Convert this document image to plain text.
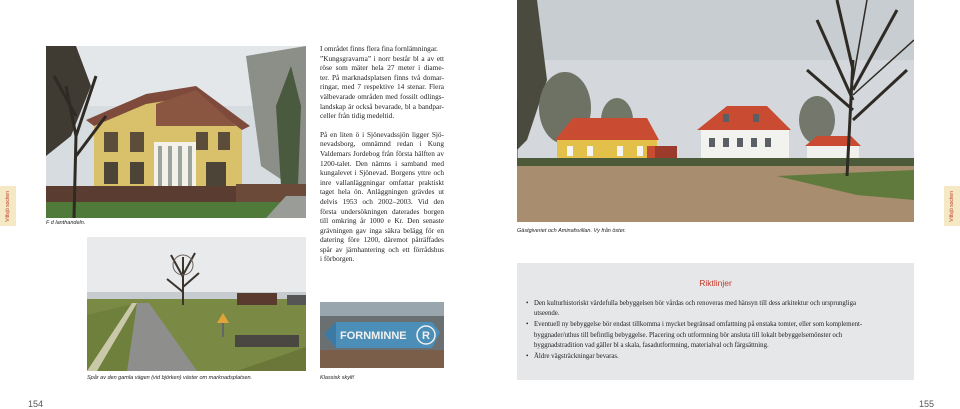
Vittsjö socken
F d lanthandeln.
Spår av den gamla vägen (vid björken) väster om marknadsplatsen.
I området finns flera fina fornlämningar.
”Kungsgravarna” i norr består bl a av ett
röse som mäter hela 27 meter i diame-
ter. På marknadsplatsen finns två domar-
ringar, med 7 respektive 14 stenar. Flera
välbevarade områden med fossilt odlings-
landskap är också bevarade, bl a bandpar-
celler från tidig medeltid.
På en liten ö i Sjönevadssjön ligger Sjö-
nevadsborg, omnämnd redan i Kung
Valdemars Jordebog från första hälften av
1200-talet. Den nämns i samband med
kungalevet i Sjönevad. Borgens yttre och
inre vallanläggningar omfattar praktiskt
taget hela ön. Anläggningen grävdes ut
delvis 1953 och 2002–2003. Vid den
första undersökningen daterades borgen
till omkring år 1000 e Kr. Den senaste
grävningen gav inga säkra belägg för en
datering före 1200, däremot påträffades
spår av järnhantering och ett förrådshus
i förborgen.
R
FORNMINNE
Klassisk skylt!
154
Gästgiveriet och Aminafsvillan. Vy från öster.
Riktlinjer
• Den kulturhistoriskt värdefulla bebyggelsen bör vårdas och renoveras med hänsyn till dess arkitektur och ursprungliga
utseende.
• Eventuell ny bebyggelse bör endast tillkomma i mycket begränsad omfattning på enstaka tomter, eller som komplement-
byggnader/uthus till befintlig bebyggelse. Placering och utformning bör ansluta till lokalt bebyggelsemönster och
byggnadstradition vad gäller bl a skala, fasadutformning, materialval och färgsättning.
• Äldre vägsträckningar bevaras.
Vittsjö socken
155
